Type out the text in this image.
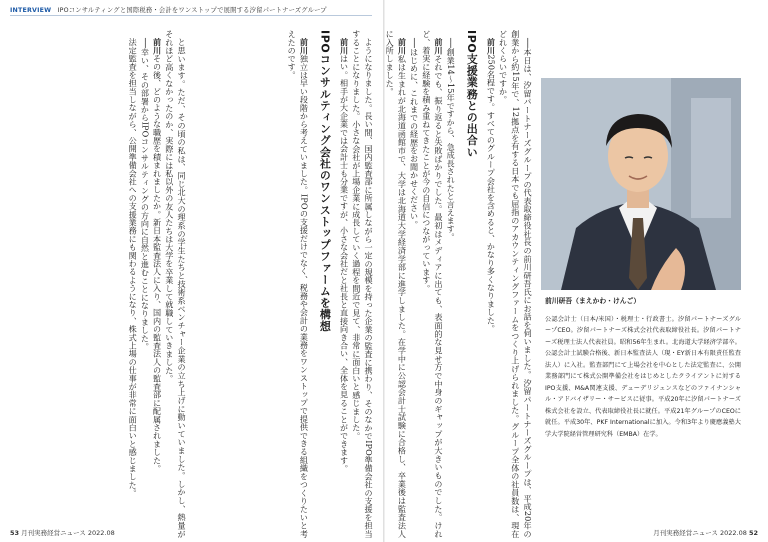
INTERVIEW IPOコンサルティングと国際税務・会計をワンストップで展開する汐留パートナーズグループ

──本日は、汐留パートナーズグループの代表取締役社長の前川研吾氏にお話を伺いました。汐留パートナーズグループは、平成20年の創業から約15年で、12拠点を有する日本でも屈指のアカウンティングファームをつくり上げられました。グループ全体の社員数は、現在どれくらいですか。

前川250名程です。すべてのグループ会社を含めると、かなり多くなりました。

IPO支援業務との出合い

──創業14〜15年ですから、急成長されたと言えます。

前川それでも、振り返ると失敗ばかりでした。最初はメディアに出ても、表面的な見せ方で中身のギャップが大きいものでした。けれど、着実に経験を積み重ねてきたことが今の自信につながっています。

──はじめに、これまでの経歴をお聞かせください。

前川私は生まれが北海道函館市で、大学は北海道大学経済学部に進学しました。在学中に公認会計士試験に合格し、卒業後は監査法人に入所しました。

前川研吾（まえかわ・けんご）

公認会計士（日本/米国）・税理士・行政書士。汐留パートナーズグループCEO。汐留パートナーズ株式会社代表取締役社長。汐留パートナーズ税理士法人代表社員。昭和56年生まれ。北海道大学経済学部卒。公認会計士試験合格後、新日本監査法人（現・EY新日本有限責任監査法人）に入社。監査部門にて上場会社を中心とした法定監査に、公開業務部門にて株式公開準備会社をはじめとしたクライアントに対するIPO支援、M&A関連支援、デューデリジェンスなどのファイナンシャル・アドバイザリー・サービスに従事。平成20年に汐留パートナーズ株式会社を設立、代表取締役社長に就任。平成21年グループのCEOに就任。平成30年、PKF Internationalに加入。令和3年より慶應義塾大学大学院経営管理研究科（EMBA）在学。

ようになりました。長い間、国内監査部に所属しながら一定の規模を持った企業の監査に携わり、そのなかでIPO準備会社の支援を担当することになりました。小さな会社が上場企業に成長していく過程を間近で見て、非常に面白いと感じました。

前川はい。相手が大企業では会計士も分業ですが、小さな会社だと社長と直接向き合い、全体を見ることができます。

IPOコンサルティング会社のワンストップファームを構想

前川独立は早い段階から考えていました。IPOの支援だけでなく、税務や会計の業務をワンストップで提供できる組織をつくりたいと考えたのです。

と思います。ただ、その頃の私は、同じ北大の理系の学生たちと技術系ベンチャー企業の立ち上げに動いていました。しかし、熱量がそれほど高くなかったのか、実際には私以外の友人たちは大学を卒業して就職していきました。

前川その後、どのような職歴を積まれましたか。新日本監査法人に入り、国内の監査法人の監査部に配属されました。

──幸い、その部署からIPOコンサルティングの方向に自然と進むことになりました。

法定監査を担当しながら、公開準備会社への支援業務にも関わるようになり、株式上場の仕事が非常に面白いと感じました。

53 月刊実務経営ニュース 2022.08	月刊実務経営ニュース 2022.08 52
